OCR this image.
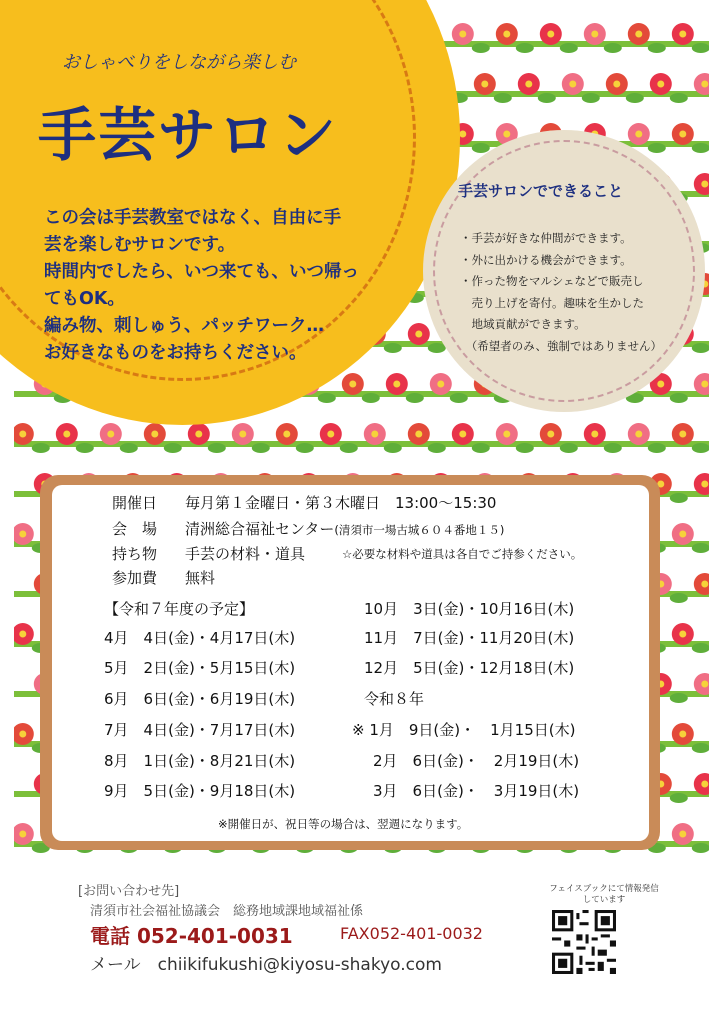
おしゃべりをしながら楽しむ
手芸サロン
この会は手芸教室ではなく、自由に手
芸を楽しむサロンです。
時間内でしたら、いつ来ても、いつ帰っ
てもOK。
編み物、刺しゅう、パッチワーク…
お好きなものをお持ちください。
手芸サロンでできること
・手芸が好きな仲間ができます。
・外に出かける機会ができます。
・作った物をマルシェなどで販売し
　売り上げを寄付。趣味を生かした
　地域貢献ができます。
　（希望者のみ、強制ではありません）
開催日 毎月第１金曜日・第３木曜日　13:00～15:30
会　場 清洲総合福祉センター(清須市一場古城６０４番地１５)
持ち物 手芸の材料・道具	☆必要な材料や道具は各自でご持参ください。
参加費 無料
【令和７年度の予定】
4月　4日(金)・4月17日(木)
5月　2日(金)・5月15日(木)
6月　6日(金)・6月19日(木)
7月　4日(金)・7月17日(木)
8月　1日(金)・8月21日(木)
9月　5日(金)・9月18日(木)
10月　3日(金)・10月16日(木)
11月　7日(金)・11月20日(木)
12月　5日(金)・12月18日(木)
令和８年
※ 1月　9日(金)・　1月15日(木)
2月　6日(金)・　2月19日(木)
3月　6日(金)・　3月19日(木)
※開催日が、祝日等の場合は、翌週になります。
[お問い合わせ先]
清須市社会福祉協議会　総務地域課地域福祉係
電話 052-401-0031	FAX052-401-0032
メール　chiikifukushi@kiyosu-shakyo.com
フェイスブックにて情報発信しています
